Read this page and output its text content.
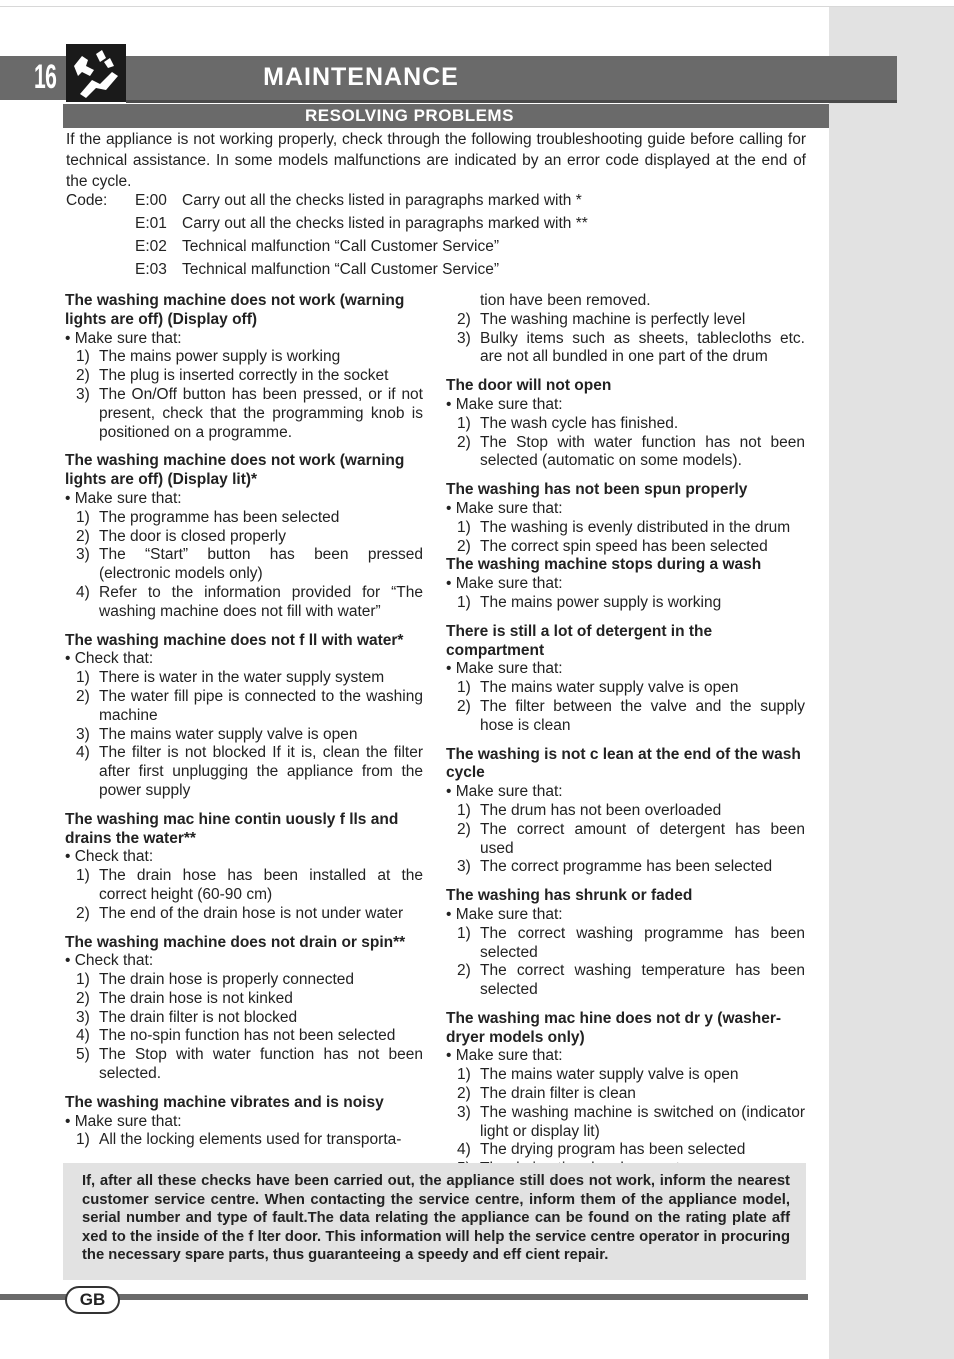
16	MAINTENANCE
RESOLVING PROBLEMS
If the appliance is not working properly, check through the following troubleshooting guide before calling for technical assistance. In some models malfunctions are indicated by an error code displayed at the end of the cycle.
Code: E:00 Carry out all the checks listed in paragraphs marked with *
E:01 Carry out all the checks listed in paragraphs marked with **
E:02 Technical malfunction “Call Customer Service”
E:03 Technical malfunction “Call Customer Service”
The washing machine does not work (warning lights are off) (Display off)
• Make sure that:
1) The mains power supply is working
2) The plug is inserted correctly in the socket
3) The On/Off button has been pressed, or if not present, check that the programming knob is positioned on a programme.
The washing machine does not work (warning lights are off) (Display lit)*
• Make sure that:
1) The programme has been selected
2) The door is closed properly
3) The “Start” button has been pressed (electronic models only)
4) Refer to the information provided for “The washing machine does not fill with water”
The washing machine does not f ll with water*
• Check that:
1) There is water in the water supply system
2) The water fill pipe is connected to the washing machine
3) The mains water supply valve is open
4) The filter is not blocked If it is, clean the filter after first unplugging the appliance from the power supply
The washing mac hine contin uously f lls and drains the water**
• Check that:
1) The drain hose has been installed at the correct height (60-90 cm)
2) The end of the drain hose is not under water
The washing machine does not drain or spin**
• Check that:
1) The drain hose is properly connected
2) The drain hose is not kinked
3) The drain filter is not blocked
4) The no-spin function has not been selected
5) The Stop with water function has not been selected.
The washing machine vibrates and is noisy
• Make sure that:
1) All the locking elements used for transporta-
tion have been removed.
2) The washing machine is perfectly level
3) Bulky items such as sheets, tablecloths etc. are not all bundled in one part of the drum
The door will not open
• Make sure that:
1) The wash cycle has finished.
2) The Stop with water function has not been selected (automatic on some models).
The washing has not been spun properly
• Make sure that:
1) The washing is evenly distributed in the drum
2) The correct spin speed has been selected
The washing machine stops during a wash
• Make sure that:
1) The mains power supply is working
There is still a lot of detergent in the compartment
• Make sure that:
1) The mains water supply valve is open
2) The filter between the valve and the supply hose is clean
The washing is not c lean at the end of the wash cycle
• Make sure that:
1) The drum has not been overloaded
2) The correct amount of detergent has been used
3) The correct programme has been selected
The washing has shrunk or faded
• Make sure that:
1) The correct washing programme has been selected
2) The correct washing temperature has been selected
The washing mac hine does not dr y (washer-dryer models only)
• Make sure that:
1) The mains water supply valve is open
2) The drain filter is clean
3) The washing machine is switched on (indicator light or display lit)
4) The drying program has been selected
If, after all these checks have been carried out, the appliance still does not work, inform the nearest customer service centre. When contacting the service centre, inform them of the appliance model, serial number and type of fault.The data relating the appliance can be found on the rating plate aff xed to the inside of the f lter door. This information will help the service centre operator in procuring the necessary spare parts, thus guaranteeing a speedy and eff cient repair.
GB
